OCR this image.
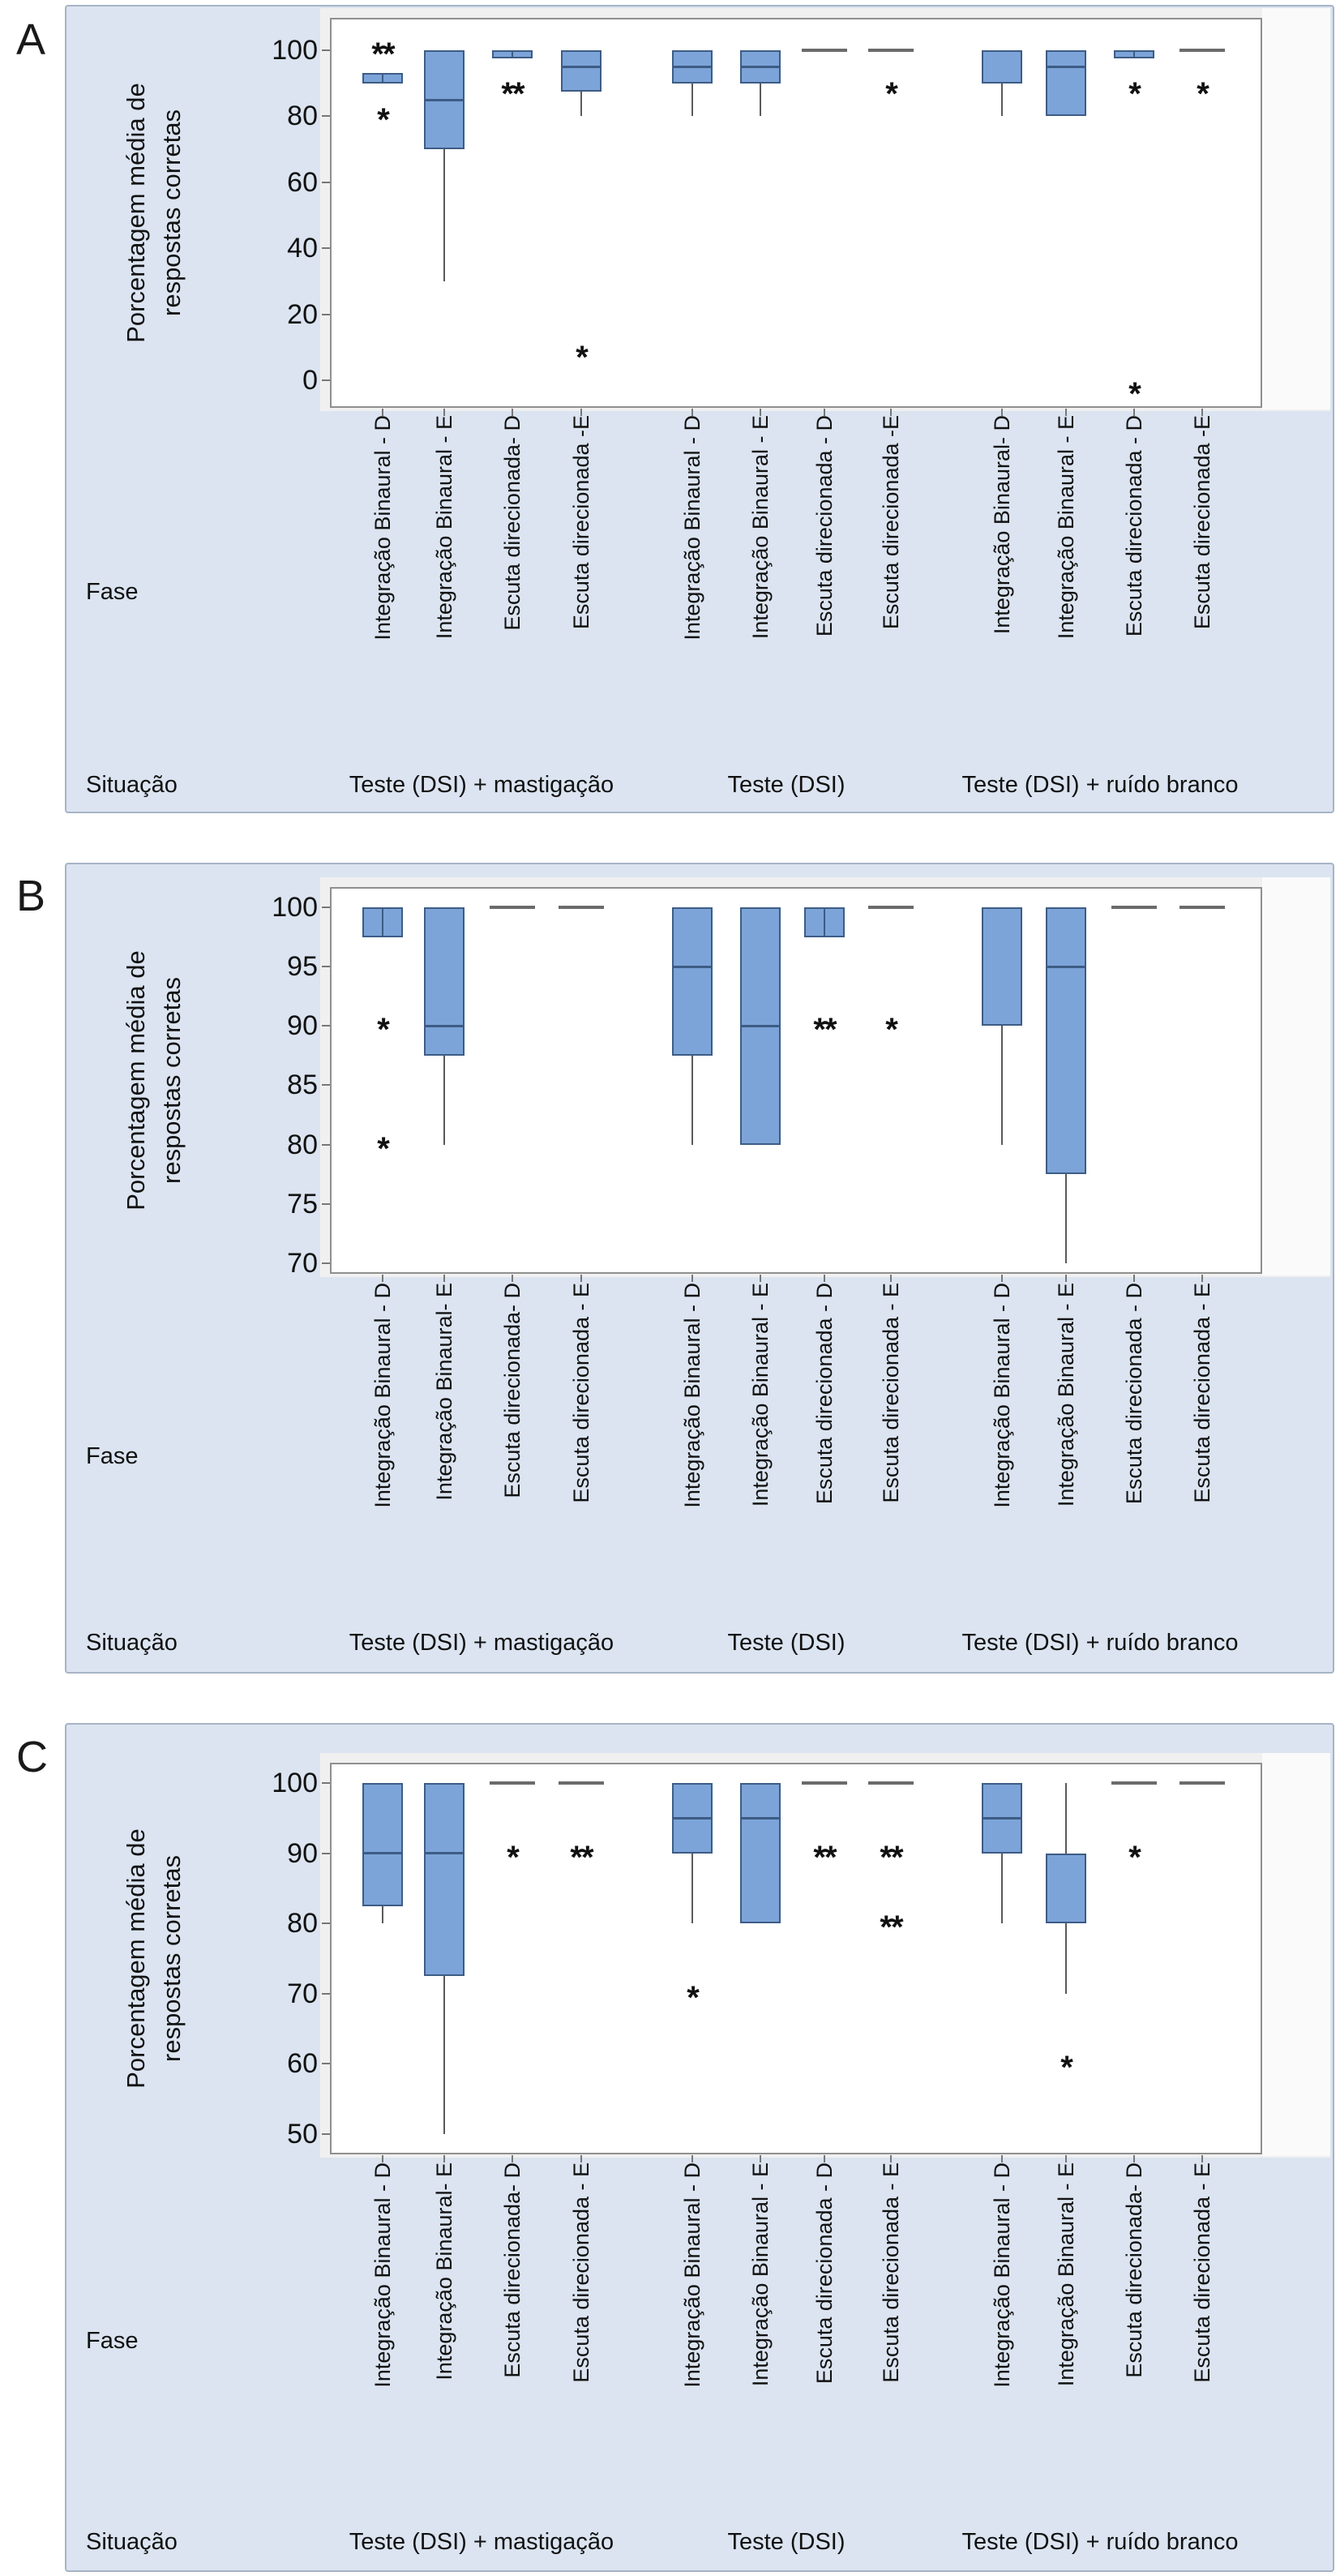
A
B
C
Porcentagem média de respostas corretas
100
80
60
40
20
0
**
*
**
*
*	*
*
*
Integração Binaural - D Integração Binaural - E Escuta direcionada- D Escuta direcionada -E	Integração Binaural - D Integração Binaural - E Escuta direcionada - D Escuta direcionada -E	Integração Binaural- D Integração Binaural - E Escuta direcionada - D Escuta direcionada -E
Fase
Situação	Teste (DSI) + mastigação	Teste (DSI)	Teste (DSI) + ruído branco
Porcentagem média de respostas corretas
100
95
90
85
80
75
70
*
*
** *
Integração Binaural - D Integração Binaural- E Escuta direcionada- D Escuta direcionada - E	Integração Binaural - D Integração Binaural - E Escuta direcionada - D Escuta direcionada - E	Integração Binaural - D Integração Binaural - E Escuta direcionada - D Escuta direcionada - E
Fase
Situação	Teste (DSI) + mastigação	Teste (DSI)	Teste (DSI) + ruído branco
Porcentagem média de respostas corretas
100
90
80
70
60
50
* **
*
** **
**
*
*
Integração Binaural - D Integração Binaural- E Escuta direcionada- D Escuta direcionada - E	Integração Binaural - D Integração Binaural - E Escuta direcionada - D Escuta direcionada - E	Integração Binaural - D Integração Binaural - E Escuta direcionada- D Escuta direcionada - E
Fase
Situação	Teste (DSI) + mastigação	Teste (DSI)	Teste (DSI) + ruído branco
